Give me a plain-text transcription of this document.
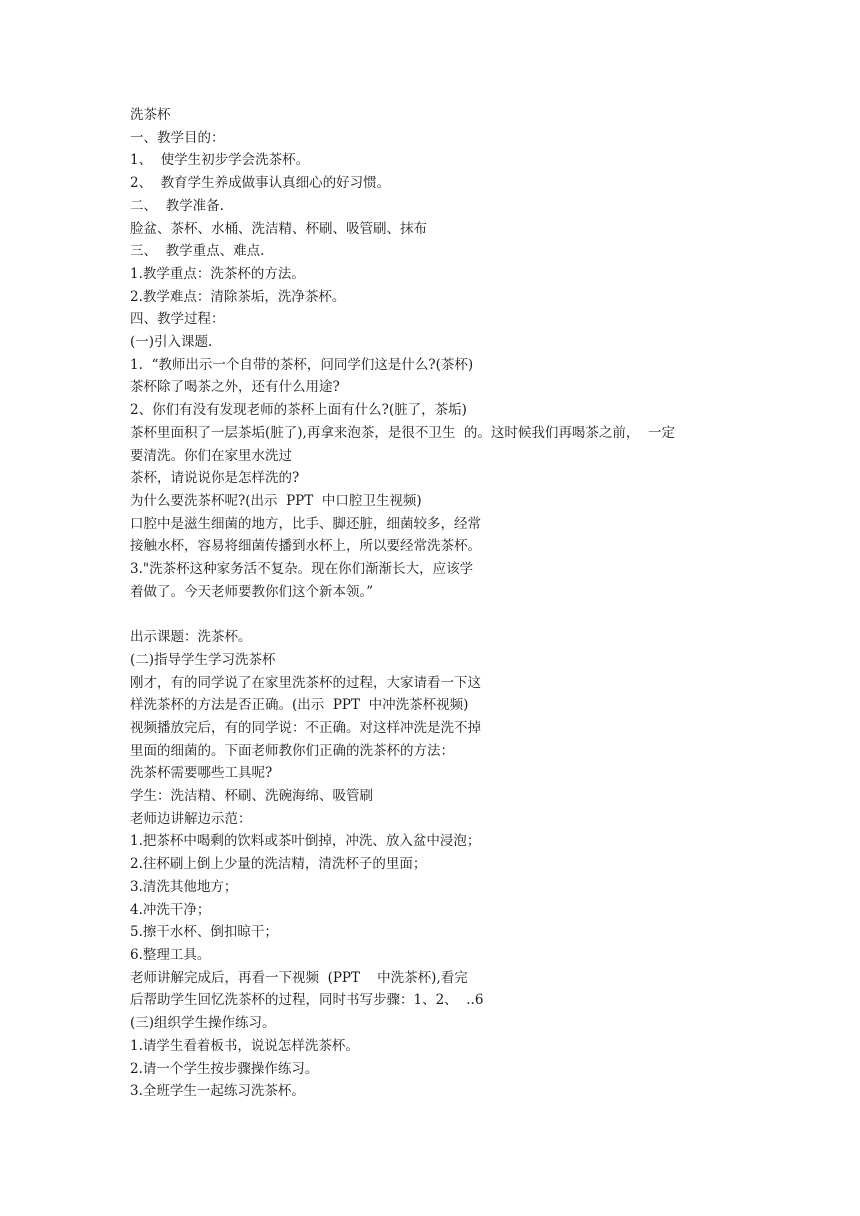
洗茶杯
一、教学目的：
1、  使学生初步学会洗茶杯。
2、  教育学生养成做事认真细心的好习惯。
二、  教学准备.
脸盆、茶杯、水桶、洗洁精、杯刷、吸管刷、抹布
三、  教学重点、难点.
1.教学重点：洗茶杯的方法。
2.教学难点：清除茶垢，洗净茶杯。
四、教学过程：
(一)引入课题.
1.  “教师出示一个自带的茶杯，问同学们这是什么?(茶杯)
茶杯除了喝茶之外，还有什么用途?
2、你们有没有发现老师的茶杯上面有什么?(脏了，茶垢)
茶杯里面积了一层茶垢(脏了),再拿来泡茶，是很不卫生  的。这时候我们再喝茶之前，  一定
要清洗。你们在家里水洗过
茶杯，请说说你是怎样洗的?
为什么要洗茶杯呢?(出示  PPT  中口腔卫生视频)
口腔中是滋生细菌的地方，比手、脚还脏，细菌较多，经常
接触水杯，容易将细菌传播到水杯上，所以要经常洗茶杯。
3."洗茶杯这种家务活不复杂。现在你们渐渐长大，应该学
着做了。今天老师要教你们这个新本领。”
出示课题：洗茶杯。
(二)指导学生学习洗茶杯
刚才，有的同学说了在家里洗茶杯的过程，大家请看一下这
样洗茶杯的方法是否正确。(出示  PPT  中冲洗茶杯视频)
视频播放完后，有的同学说：不正确。对这样冲洗是洗不掉
里面的细菌的。下面老师教你们正确的洗茶杯的方法：
洗茶杯需要哪些工具呢?
学生：洗洁精、杯刷、洗碗海绵、吸管刷
老师边讲解边示范：
1.把茶杯中喝剩的饮料或茶叶倒掉，冲洗、放入盆中浸泡；
2.往杯刷上倒上少量的洗洁精，清洗杯子的里面；
3.清洗其他地方；
4.冲洗干净；
5.擦干水杯、倒扣晾干；
6.整理工具。
老师讲解完成后，再看一下视频  (PPT    中洗茶杯),看完
后帮助学生回忆洗茶杯的过程，同时书写步骤：1、2、  ..6
(三)组织学生操作练习。
1.请学生看着板书，说说怎样洗茶杯。
2.请一个学生按步骤操作练习。
3.全班学生一起练习洗茶杯。
